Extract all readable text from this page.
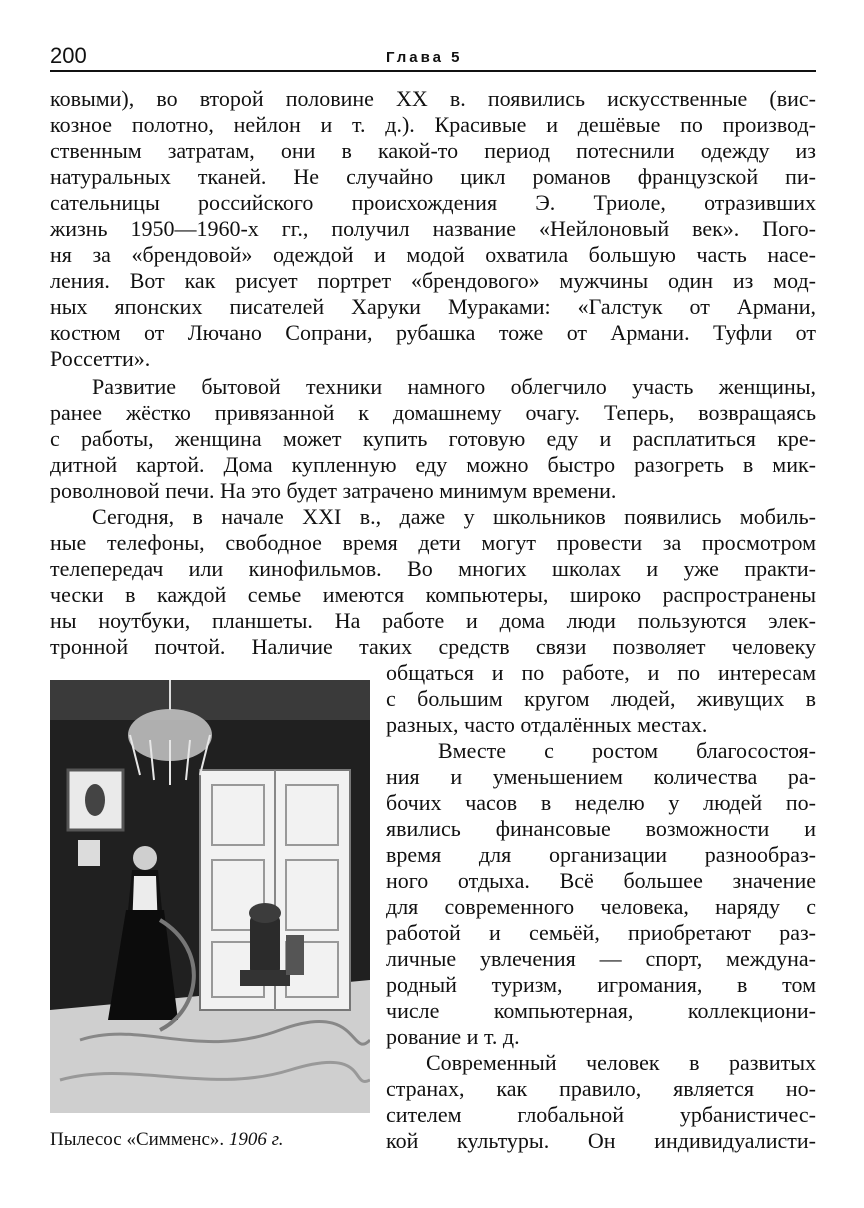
200	Глава 5
ковыми), во второй половине XX в. появились искусственные (вис-
козное полотно, нейлон и т. д.). Красивые и дешёвые по производ-
ственным затратам, они в какой-то период потеснили одежду из
натуральных тканей. Не случайно цикл романов французской пи-
сательницы российского происхождения Э. Триоле, отразивших
жизнь 1950—1960-х гг., получил название «Нейлоновый век». Пого-
ня за «брендовой» одеждой и модой охватила большую часть насе-
ления. Вот как рисует портрет «брендового» мужчины один из мод-
ных японских писателей Харуки Мураками: «Галстук от Армани,
костюм от Лючано Сопрани, рубашка тоже от Армани. Туфли от
Россетти».
Развитие бытовой техники намного облегчило участь женщины,
ранее жёстко привязанной к домашнему очагу. Теперь, возвращаясь
с работы, женщина может купить готовую еду и расплатиться кре-
дитной картой. Дома купленную еду можно быстро разогреть в мик-
роволновой печи. На это будет затрачено минимум времени.
Сегодня, в начале XXI в., даже у школьников появились мобиль-
ные телефоны, свободное время дети могут провести за просмотром
телепередач или кинофильмов. Во многих школах и уже практи-
чески в каждой семье имеются компьютеры, широко распространены
ны ноутбуки, планшеты. На работе и дома люди пользуются элек-
тронной почтой. Наличие таких средств связи позволяет человеку
общаться и по работе, и по интересам
с большим кругом людей, живущих в
разных, часто отдалённых местах.
Вместе с ростом благосостоя-
ния и уменьшением количества ра-
бочих часов в неделю у людей по-
явились финансовые возможности и
время для организации разнообраз-
ного отдыха. Всё большее значение
для современного человека, наряду с
работой и семьёй, приобретают раз-
личные увлечения — спорт, междуна-
родный туризм, игромания, в том
числе компьютерная, коллекциони-
рование и т. д.
Современный человек в развитых
странах, как правило, является но-
сителем глобальной урбанистичес-
кой культуры. Он индивидуалисти-
Пылесос «Симменс». 1906 г.
